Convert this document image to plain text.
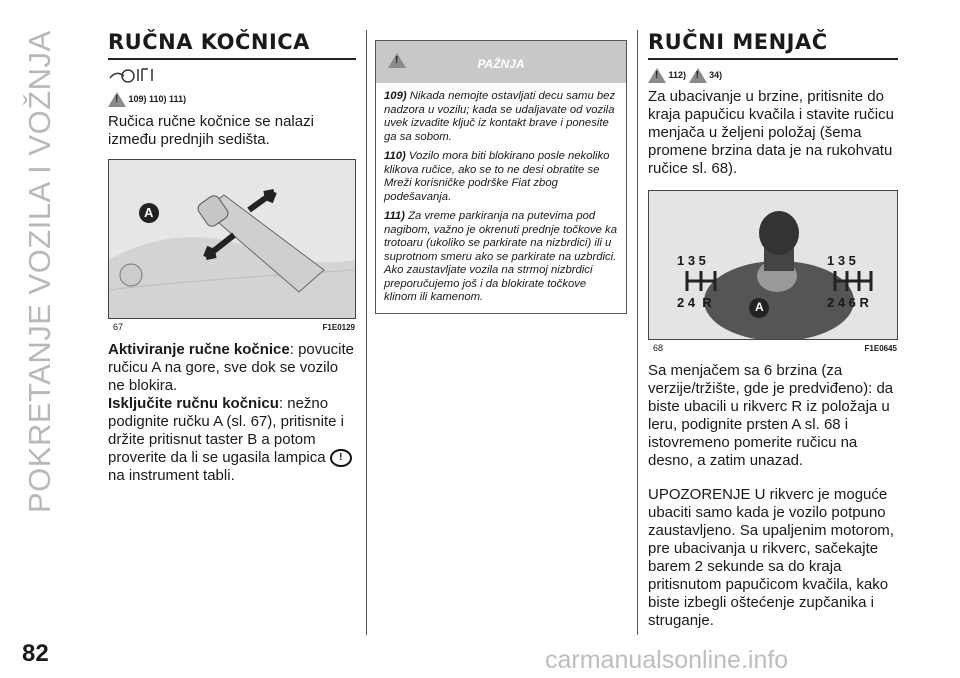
POKRETANJE VOZILA I VOŽNJA
82	carmanualsonline.info
RUČNA KOČNICA
! 109) 110) 111)
Ručica ručne kočnice se nalazi između prednjih sedišta.
A
67	F1E0129
Aktiviranje ručne kočnice: povucite ručicu A na gore, sve dok se vozilo ne blokira.
Isključite ručnu kočnicu: nežno podignite ručku A (sl. 67), pritisnite i držite pritisnut taster B a potom proverite da li se ugasila lampica ! na instrument tabli.
!
PAŽNJA

109) Nikada nemojte ostavljati decu samu bez nadzora u vozilu; kada se udaljavate od vozila uvek izvadite ključ iz kontakt brave i ponesite ga sa sobom.

110) Vozilo mora biti blokirano posle nekoliko klikova ručice, ako se to ne desi obratite se Mreži korisničke podrške Fiat zbog podešavanja.

111) Za vreme parkiranja na putevima pod nagibom, važno je okrenuti prednje točkove ka trotoaru (ukoliko se parkirate na nizbrdici) ili u suprotnom smeru ako se parkirate na uzbrdici. Ako zaustavljate vozila na strmoj nizbrdici preporučujemo još i da blokirate točkove klinom ili kamenom.

RUČNI MENJAČ
! 112) !	34)
Za ubacivanje u brzine, pritisnite do kraja papučicu kvačila i stavite ručicu menjača u željeni položaj (šema promene brzina data je na rukohvatu ručice sl. 68).
1 3 5
2 4  R
1 3 5
2 4 6 R
A
68	F1E0645
Sa menjačem sa 6 brzina (za verzije/tržište, gde je predviđeno): da biste ubacili u rikverc R iz položaja u leru, podignite prsten A sl. 68 i istovremeno pomerite ručicu na desno, a zatim unazad.
UPOZORENJE U rikverc je moguće ubaciti samo kada je vozilo potpuno zaustavljeno. Sa upaljenim motorom, pre ubacivanja u rikverc, sačekajte barem 2 sekunde sa do kraja pritisnutom papučicom kvačila, kako biste izbegli oštećenje zupčanika i struganje.
